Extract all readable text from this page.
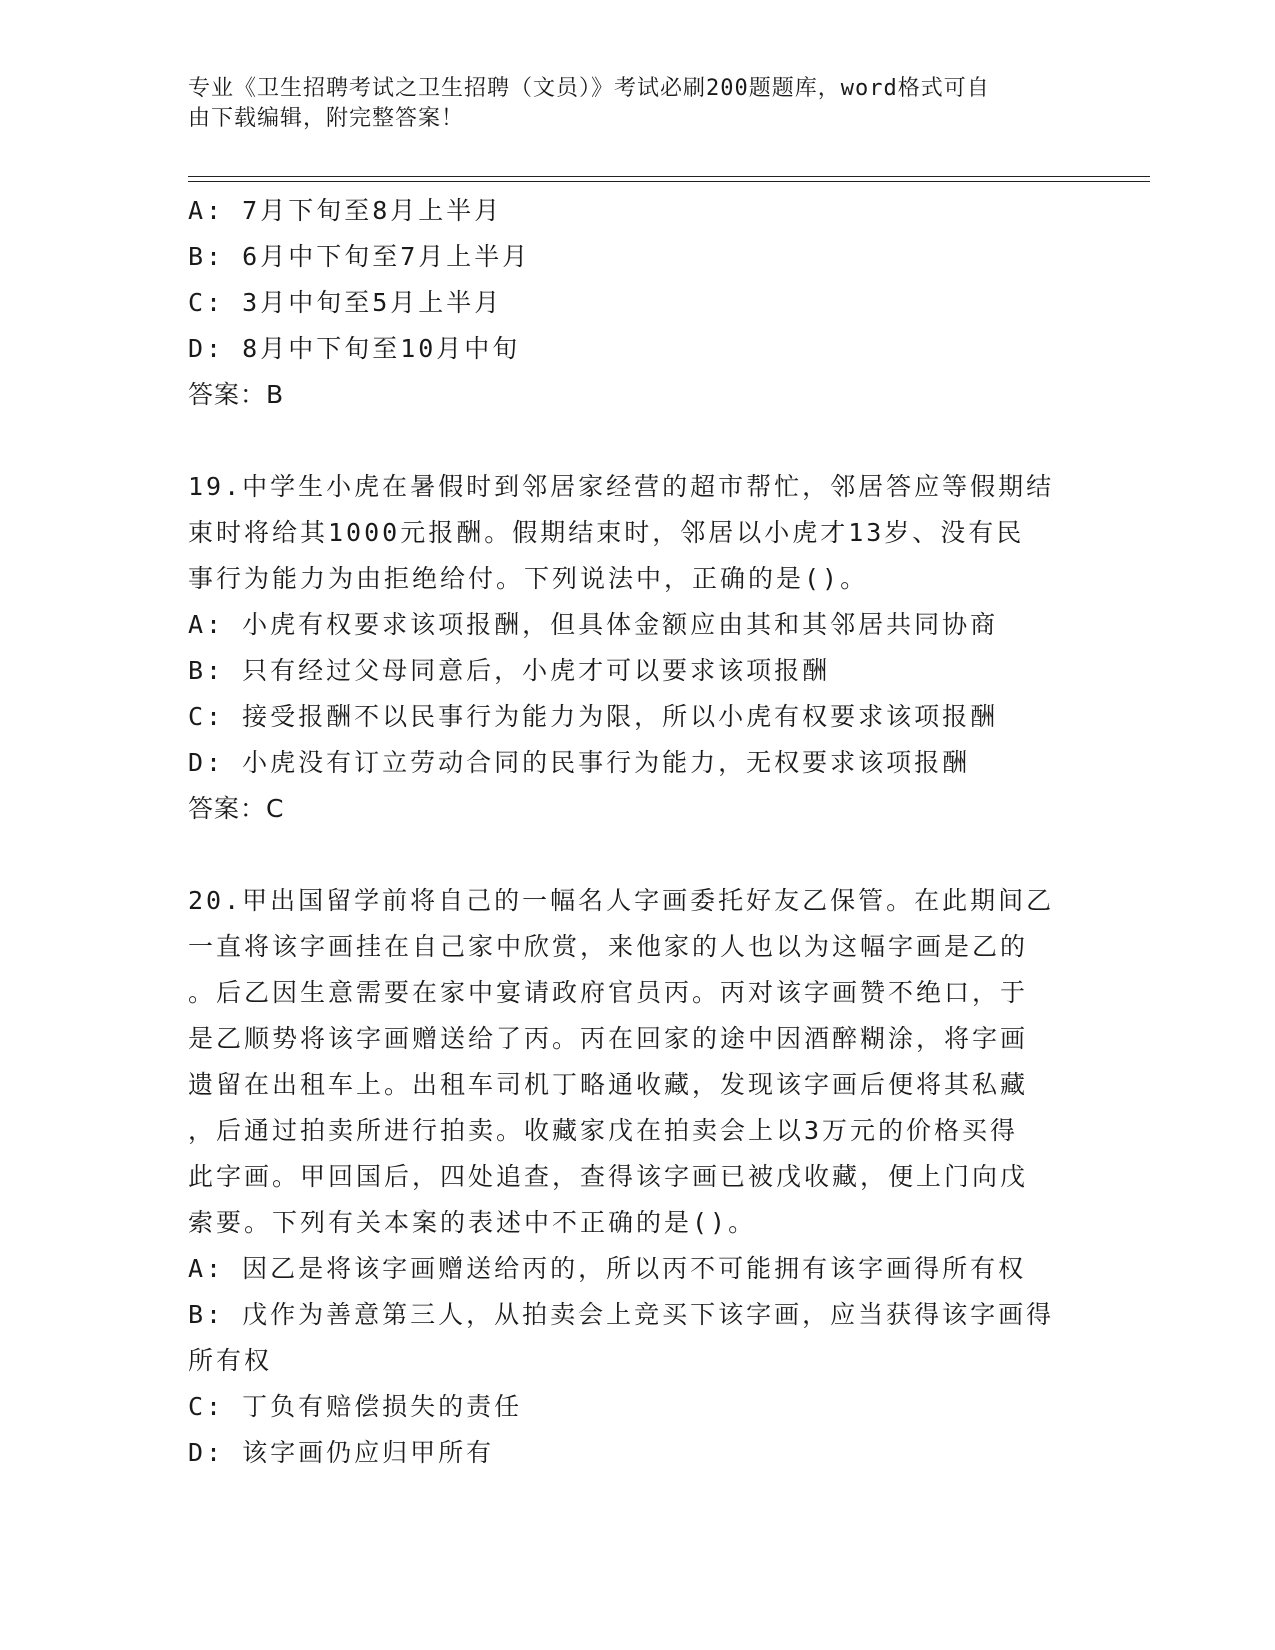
专业《卫生招聘考试之卫生招聘（文员）》考试必刷200题题库，word格式可自
由下载编辑，附完整答案！
A: 7月下旬至8月上半月
B: 6月中下旬至7月上半月
C: 3月中旬至5月上半月
D: 8月中下旬至10月中旬
答案：B
19.中学生小虎在暑假时到邻居家经营的超市帮忙，邻居答应等假期结
束时将给其1000元报酬。假期结束时，邻居以小虎才13岁、没有民
事行为能力为由拒绝给付。下列说法中，正确的是()。
A: 小虎有权要求该项报酬，但具体金额应由其和其邻居共同协商
B: 只有经过父母同意后，小虎才可以要求该项报酬
C: 接受报酬不以民事行为能力为限，所以小虎有权要求该项报酬
D: 小虎没有订立劳动合同的民事行为能力，无权要求该项报酬
答案：C
20.甲出国留学前将自己的一幅名人字画委托好友乙保管。在此期间乙
一直将该字画挂在自己家中欣赏，来他家的人也以为这幅字画是乙的
。后乙因生意需要在家中宴请政府官员丙。丙对该字画赞不绝口，于
是乙顺势将该字画赠送给了丙。丙在回家的途中因酒醉糊涂，将字画
遗留在出租车上。出租车司机丁略通收藏，发现该字画后便将其私藏
，后通过拍卖所进行拍卖。收藏家戊在拍卖会上以3万元的价格买得
此字画。甲回国后，四处追查，查得该字画已被戊收藏，便上门向戊
索要。下列有关本案的表述中不正确的是()。
A: 因乙是将该字画赠送给丙的，所以丙不可能拥有该字画得所有权
B: 戊作为善意第三人，从拍卖会上竞买下该字画，应当获得该字画得
所有权
C: 丁负有赔偿损失的责任
D: 该字画仍应归甲所有
